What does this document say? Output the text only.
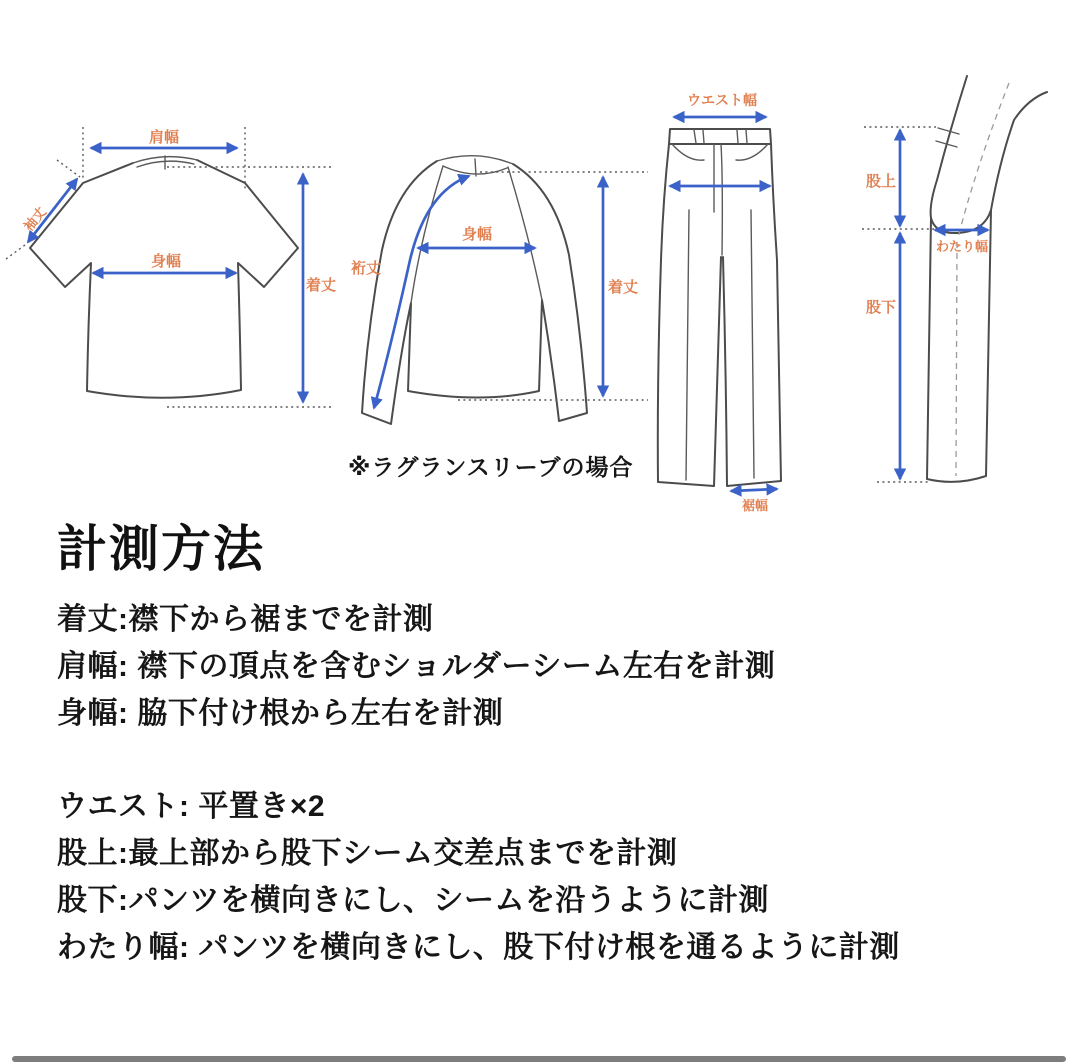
肩幅
袖丈
身幅
着丈
裄丈
身幅
着丈
ウエスト幅
裾幅
股上
わたり幅
股下
※ラグランスリーブの場合
計測方法
着丈:襟下から裾までを計測
肩幅: 襟下の頂点を含むショルダーシーム左右を計測
身幅: 脇下付け根から左右を計測
ウエスト: 平置き×2
股上:最上部から股下シーム交差点までを計測
股下:パンツを横向きにし、シームを沿うように計測
わたり幅: パンツを横向きにし、股下付け根を通るように計測
